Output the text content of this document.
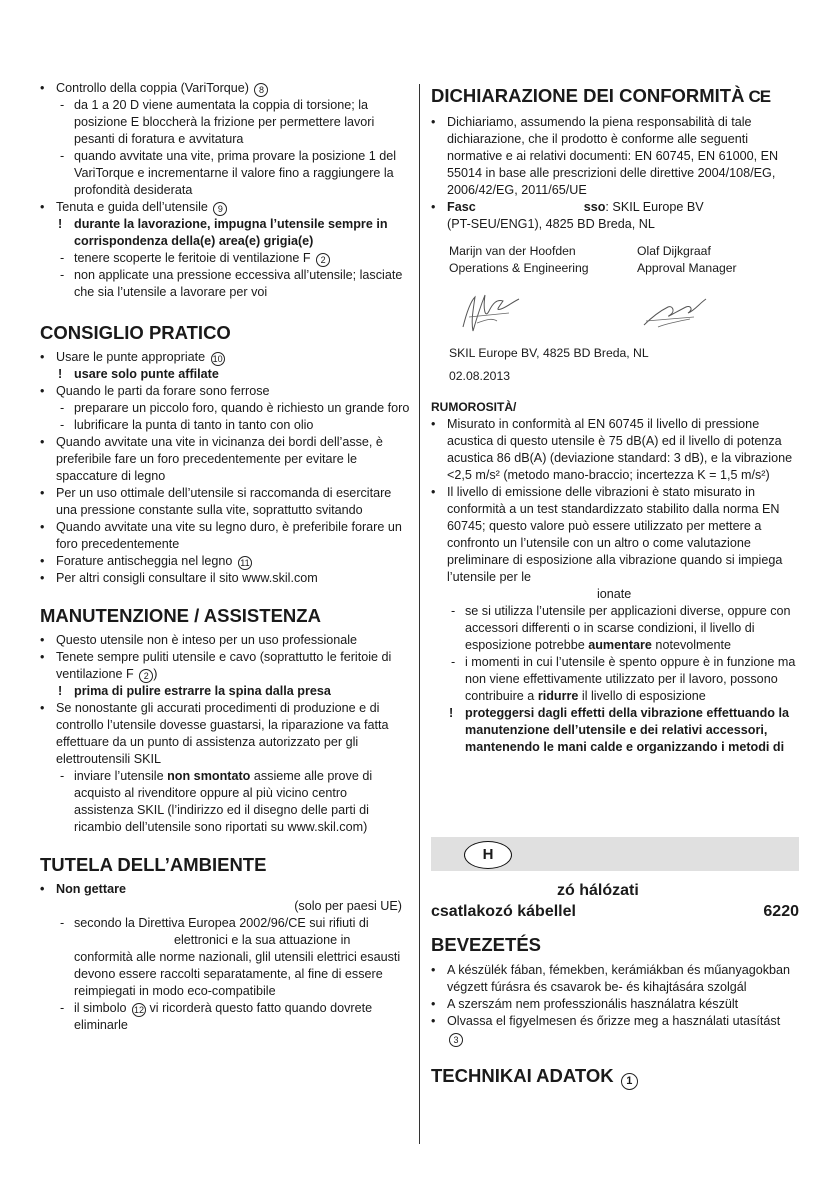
• Controllo della coppia (VariTorque) 8
- da 1 a 20 D viene aumentata la coppia di torsione; la posizione E bloccherà la frizione per permettere lavori pesanti di foratura e avvitatura
- quando avvitate una vite, prima provare la posizione 1 del VariTorque e incrementarne il valore fino a raggiungere la profondità desiderata
• Tenuta e guida dell’utensile 9
! durante la lavorazione, impugna l’utensile sempre in corrispondenza della(e) area(e) grigia(e)
- tenere scoperte le feritoie di ventilazione F 2
- non applicate una pressione eccessiva all’utensile; lasciate che sia l’utensile a lavorare per voi
CONSIGLIO PRATICO
• Usare le punte appropriate 10
! usare solo punte affilate
• Quando le parti da forare sono ferrose
- preparare un piccolo foro, quando è richiesto un grande foro
- lubrificare la punta di tanto in tanto con olio
• Quando avvitate una vite in vicinanza dei bordi dell’asse, è preferibile fare un foro precedentemente per evitare le spaccature di legno
• Per un uso ottimale dell’utensile si raccomanda di esercitare una pressione constante sulla vite, soprattutto svitando
• Quando avvitate una vite su legno duro, è preferibile forare un foro precedentemente
• Forature antischeggia nel legno 11
• Per altri consigli consultare il sito www.skil.com
MANUTENZIONE / ASSISTENZA
• Questo utensile non è inteso per un uso professionale
• Tenete sempre puliti utensile e cavo (soprattutto le feritoie di ventilazione F 2 )
! prima di pulire estrarre la spina dalla presa
• Se nonostante gli accurati procedimenti di produzione e di controllo l’utensile dovesse guastarsi, la riparazione va fatta effettuare da un punto di assistenza autorizzato per gli elettroutensili SKIL
- inviare l’utensile non smontato assieme alle prove di acquisto al rivenditore oppure al più vicino centro assistenza SKIL (l’indirizzo ed il disegno delle parti di ricambio dell’utensile sono riportati su www.skil.com)
TUTELA DELL’AMBIENTE
• Non gettare
(solo per paesi UE)
- secondo la Direttiva Europea 2002/96/CE sui rifiuti di
elettronici e la sua attuazione in
conformità alle norme nazionali, glil utensili elettrici esausti devono essere raccolti separatamente, al fine di essere reimpiegati in modo eco-compatibile
- il simbolo 12 vi ricorderà questo fatto quando dovrete eliminarle
DICHIARAZIONE DEI CONFORMITÀ CE
• Dichiariamo, assumendo la piena responsabilità di tale dichiarazione, che il prodotto è conforme alle seguenti normative e ai relativi documenti: EN 60745, EN 61000, EN 55014 in base alle prescrizioni delle direttive 2004/108/EG, 2006/42/EG, 2011/65/UE
• Fasc	sso: SKIL Europe BV
(PT-SEU/ENG1), 4825 BD Breda, NL
Marijn van der Hoofden	Olaf Dijkgraaf
Operations & Engineering	Approval Manager
SKIL Europe BV, 4825 BD Breda, NL
02.08.2013
RUMOROSITÀ/
• Misurato in conformità al EN 60745 il livello di pressione acustica di questo utensile è 75 dB(A) ed il livello di potenza acustica 86 dB(A) (deviazione standard: 3 dB), e la vibrazione <2,5 m/s² (metodo mano-braccio; incertezza K = 1,5 m/s²)
• Il livello di emissione delle vibrazioni è stato misurato in conformità a un test standardizzato stabilito dalla norma EN 60745; questo valore può essere utilizzato per mettere a confronto un l’utensile con un altro o come valutazione preliminare di esposizione alla vibrazione quando si impiega l’utensile per le
ionate
- se si utilizza l’utensile per applicazioni diverse, oppure con accessori differenti o in scarse condizioni, il livello di esposizione potrebbe aumentare notevolmente
- i momenti in cui l’utensile è spento oppure è in funzione ma non viene effettivamente utilizzato per il lavoro, possono contribuire a ridurre il livello di esposizione
! proteggersi dagli effetti della vibrazione effettuando la manutenzione dell’utensile e dei relativi accessori, mantenendo le mani calde e organizzando i metodi di
H
zó hálózati
csatlakozó kábellel	6220
BEVEZETÉS
• A készülék fában, fémekben, kerámiákban és műanyagokban végzett fúrásra és csavarok be- és kihajtására szolgál
• A szerszám nem professzionális használatra készült
• Olvassa el figyelmesen és őrizze meg a használati utasítást 3
TECHNIKAI ADATOK 1
